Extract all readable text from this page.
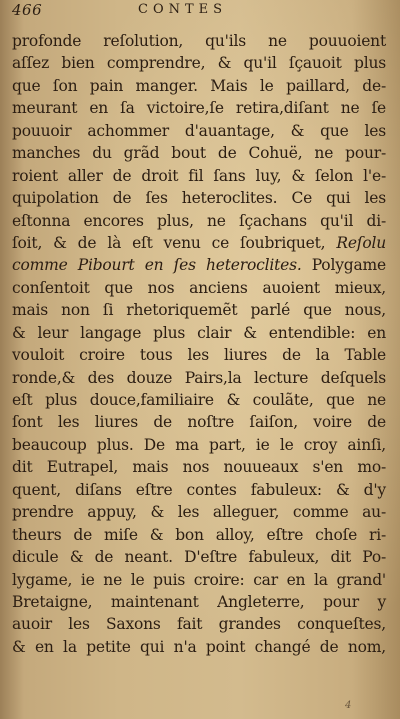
466	CONTES
profonde reſolution, qu'ils ne pouuoient
aſſez bien comprendre, & qu'il ſçauoit plus
que ſon pain manger. Mais le paillard, de-
meurant en ſa victoire,ſe retira,diſant ne ſe
pouuoir achommer d'auantage, & que les
manches du grãd bout de Cohuë, ne pour-
roient aller de droit fil ſans luy, & ſelon l'e-
quipolation de ſes heteroclites. Ce qui les
eſtonna encores plus, ne ſçachans qu'il di-
ſoit, & de là eſt venu ce ſoubriquet, Reſolu
comme Pibourt en ſes heteroclites. Polygame
conſentoit que nos anciens auoient mieux,
mais non ſi rhetoriquemẽt parlé que nous,
& leur langage plus clair & entendible: en
vouloit croire tous les liures de la Table
ronde,& des douze Pairs,la lecture deſquels
eſt plus douce,familiaire & coulãte, que ne
ſont les liures de noſtre ſaiſon, voire de
beaucoup plus. De ma part, ie le croy ainſi,
dit Eutrapel, mais nos nouueaux s'en mo-
quent, diſans eſtre contes fabuleux: & d'y
prendre appuy, & les alleguer, comme au-
theurs de miſe & bon alloy, eſtre choſe ri-
dicule & de neant. D'eſtre fabuleux, dit Po-
lygame, ie ne le puis croire: car en la grand'
Bretaigne, maintenant Angleterre, pour y
auoir les Saxons fait grandes conqueſtes,
& en la petite qui n'a point changé de nom,
4
